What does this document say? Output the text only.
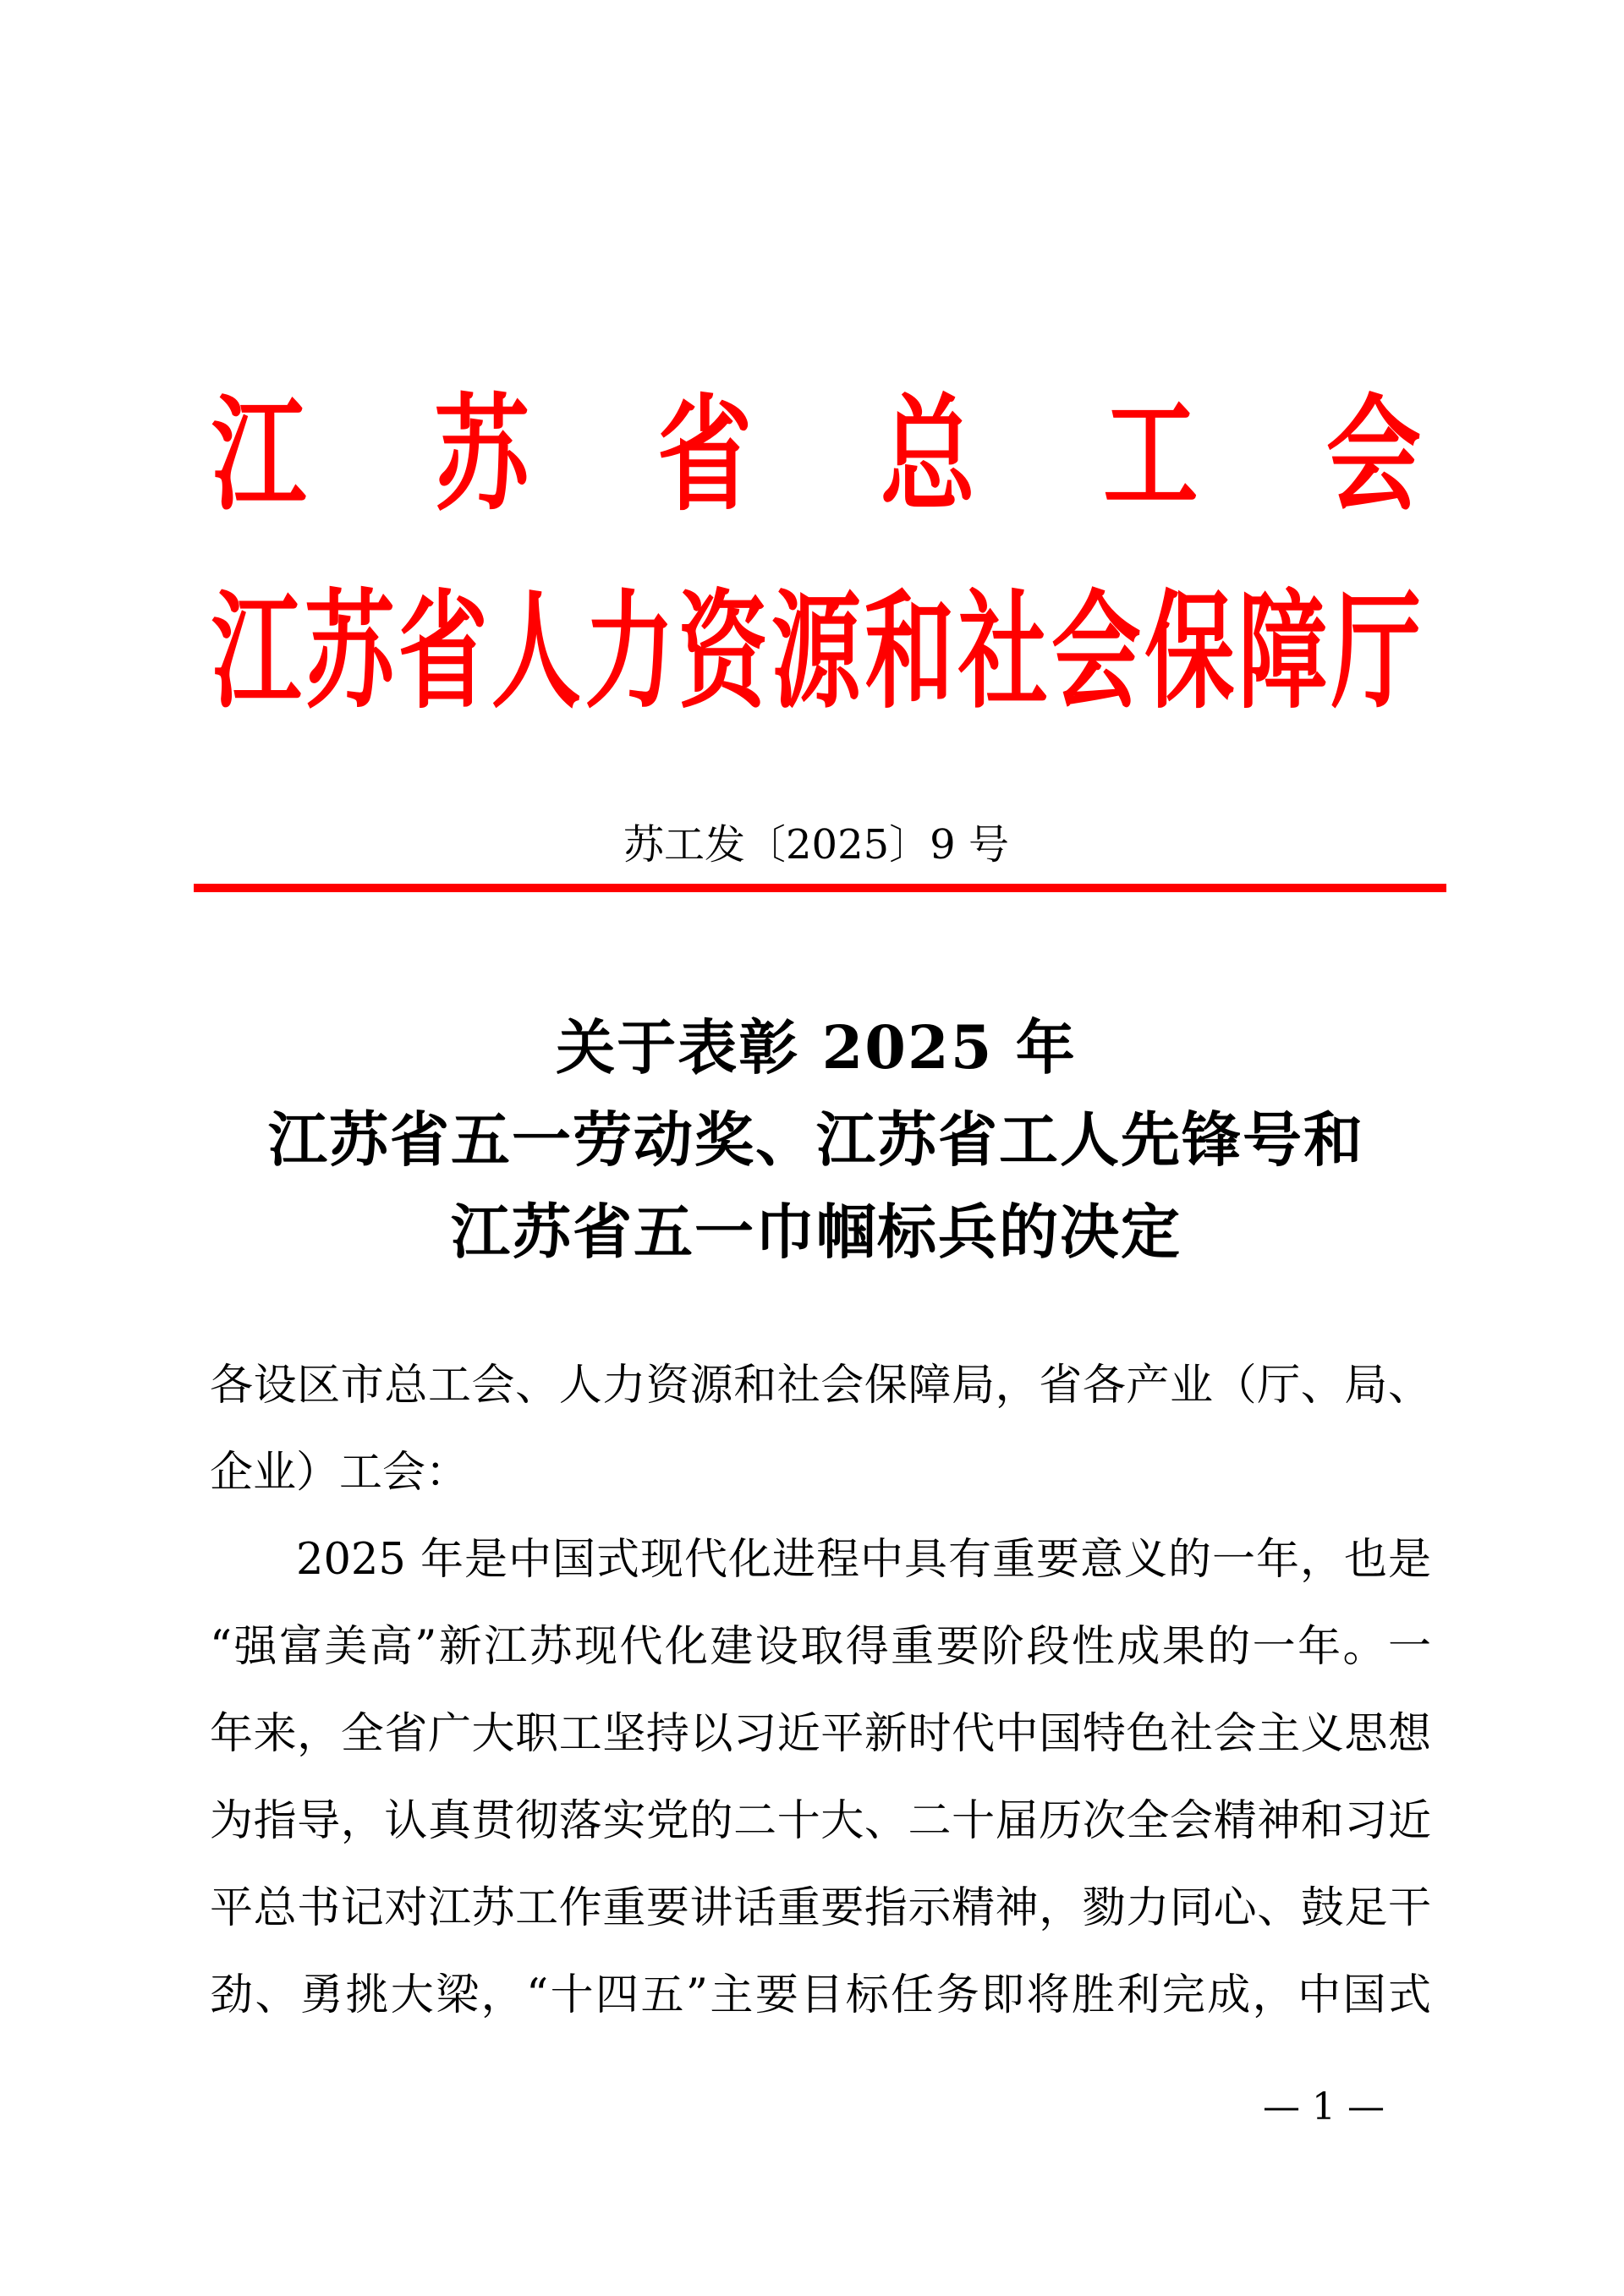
江 苏 省 总 工 会
江苏省人力资源和社会保障厅
苏工发〔2025〕9 号
关于表彰 2025 年
江苏省五一劳动奖、江苏省工人先锋号和
江苏省五一巾帼标兵的决定
各设区市总工会、人力资源和社会保障局，省各产业（厅、局、
企业）工会：
2025 年是中国式现代化进程中具有重要意义的一年，也是
“强富美高”新江苏现代化建设取得重要阶段性成果的一年。一
年来，全省广大职工坚持以习近平新时代中国特色社会主义思想
为指导，认真贯彻落实党的二十大、二十届历次全会精神和习近
平总书记对江苏工作重要讲话重要指示精神，勠力同心、鼓足干
劲、勇挑大梁，“十四五”主要目标任务即将胜利完成，中国式
— 1 —
